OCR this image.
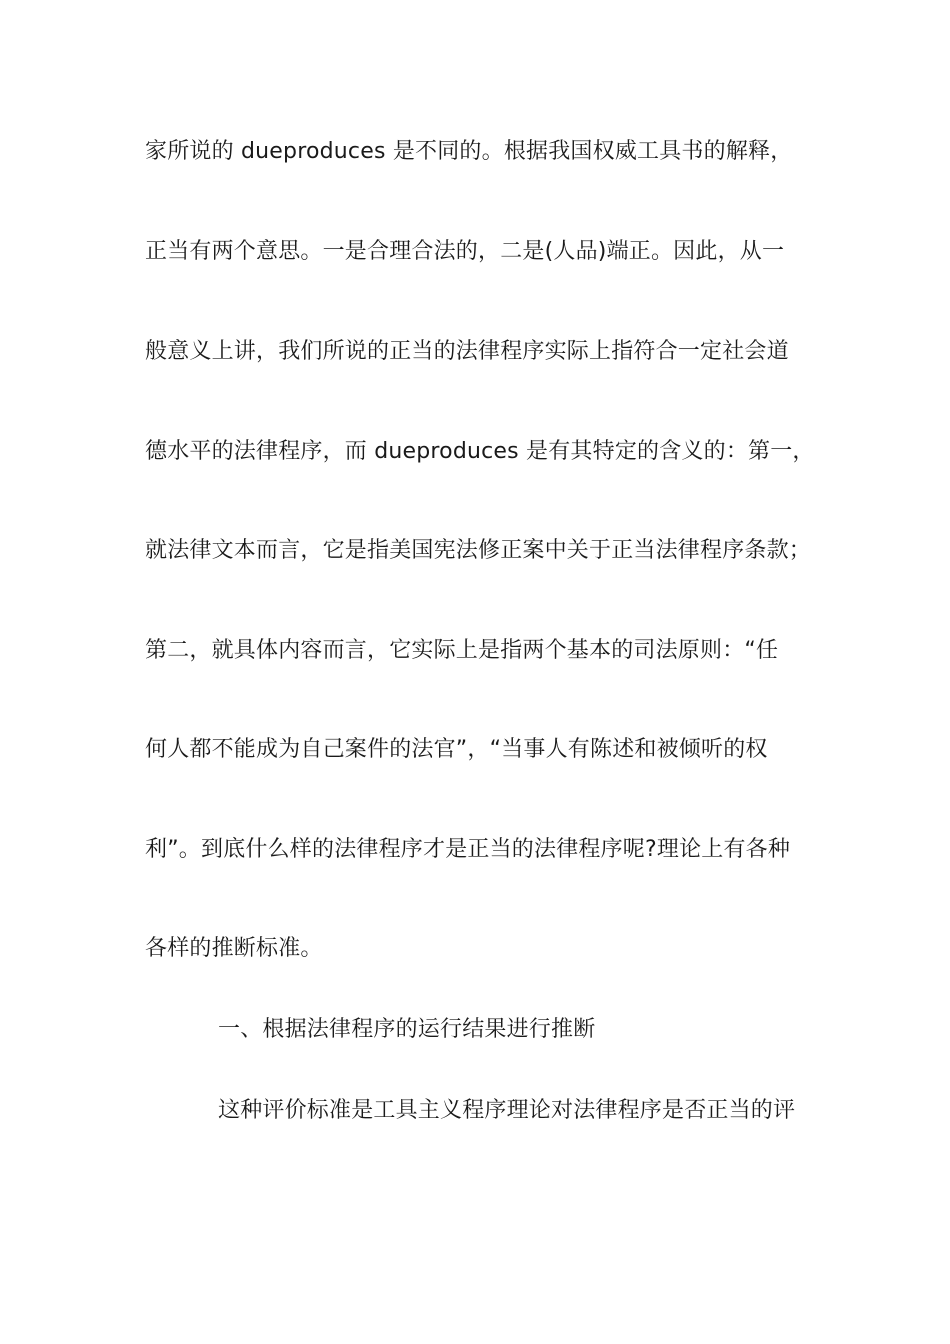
家所说的 dueproduces 是不同的。根据我国权威工具书的解释，
正当有两个意思。一是合理合法的，二是(人品)端正。因此，从一
般意义上讲，我们所说的正当的法律程序实际上指符合一定社会道
德水平的法律程序，而 dueproduces 是有其特定的含义的：第一，
就法律文本而言，它是指美国宪法修正案中关于正当法律程序条款；
第二，就具体内容而言，它实际上是指两个基本的司法原则：“任
何人都不能成为自己案件的法官”，“当事人有陈述和被倾听的权
利”。到底什么样的法律程序才是正当的法律程序呢?理论上有各种
各样的推断标准。
一、根据法律程序的运行结果进行推断
这种评价标准是工具主义程序理论对法律程序是否正当的评
